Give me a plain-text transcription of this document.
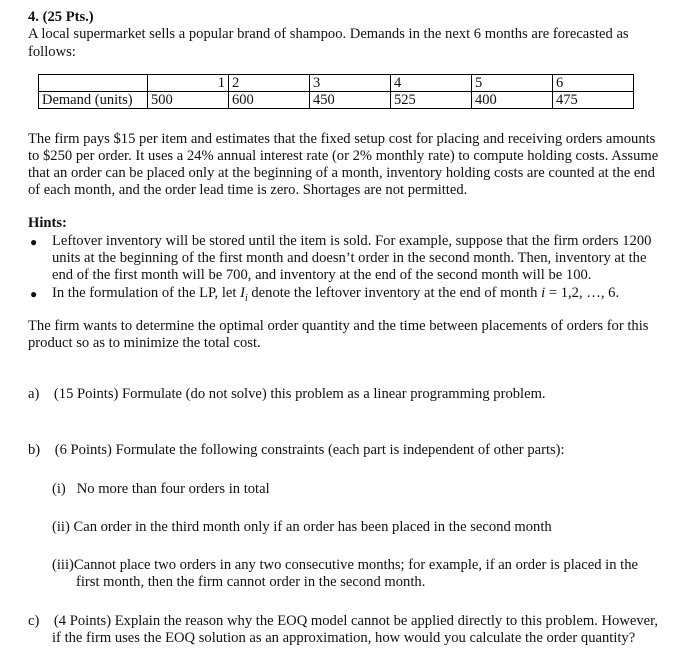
4. (25 Pts.)
A local supermarket sells a popular brand of shampoo. Demands in the next 6 months are forecasted as
follows:
	1	2	3	4	5	6
Demand (units)	500	600	450	525	400	475
The firm pays $15 per item and estimates that the fixed setup cost for placing and receiving orders amounts
to $250 per order. It uses a 24% annual interest rate (or 2% monthly rate) to compute holding costs. Assume
that an order can be placed only at the beginning of a month, inventory holding costs are counted at the end
of each month, and the order lead time is zero. Shortages are not permitted.
Hints:
● Leftover inventory will be stored until the item is sold. For example, suppose that the firm orders 1200
units at the beginning of the first month and doesn’t order in the second month. Then, inventory at the
end of the first month will be 700, and inventory at the end of the second month will be 100.
● In the formulation of the LP, let $I_i$ denote the leftover inventory at the end of month i = 1,2, …, 6.
The firm wants to determine the optimal order quantity and the time between placements of orders for this
product so as to minimize the total cost.
a) (15 Points) Formulate (do not solve) this problem as a linear programming problem.
b) (6 Points) Formulate the following constraints (each part is independent of other parts):
(i)  No more than four orders in total
(ii) Can order in the third month only if an order has been placed in the second month
(iii)Cannot place two orders in any two consecutive months; for example, if an order is placed in the
first month, then the firm cannot order in the second month.
c) (4 Points) Explain the reason why the EOQ model cannot be applied directly to this problem. However,
if the firm uses the EOQ solution as an approximation, how would you calculate the order quantity?
